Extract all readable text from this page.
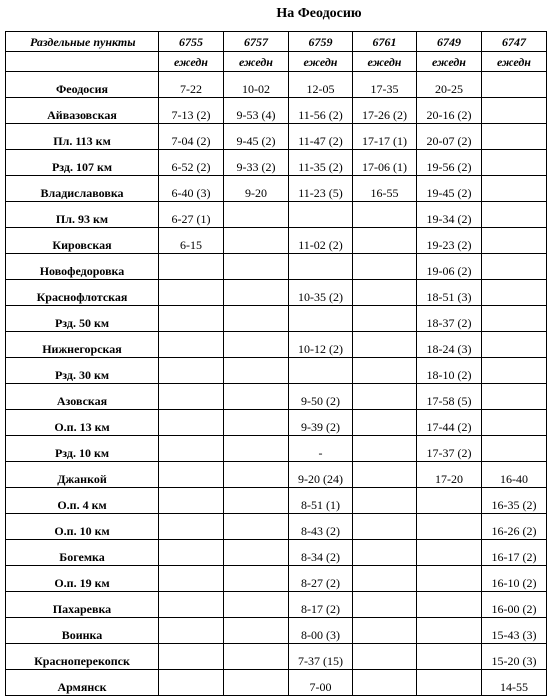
На Феодосию
Раздельные пункты	6755	6757	6759	6761	6749	6747
	ежедн	ежедн	ежедн	ежедн	ежедн	ежедн
Феодосия	7-22	10-02	12-05	17-35	20-25	
Айвазовская	7-13 (2)	9-53 (4)	11-56 (2)	17-26 (2)	20-16 (2)	
Пл. 113 км	7-04 (2)	9-45 (2)	11-47 (2)	17-17 (1)	20-07 (2)	
Рзд. 107 км	6-52 (2)	9-33 (2)	11-35 (2)	17-06 (1)	19-56 (2)	
Владиславовка	6-40 (3)	9-20	11-23 (5)	16-55	19-45 (2)	
Пл. 93 км	6-27 (1)				19-34 (2)	
Кировская	6-15		11-02 (2)		19-23 (2)	
Новофедоровка					19-06 (2)	
Краснофлотская			10-35 (2)		18-51 (3)	
Рзд. 50 км					18-37 (2)	
Нижнегорская			10-12 (2)		18-24 (3)	
Рзд. 30 км					18-10 (2)	
Азовская			9-50 (2)		17-58 (5)	
О.п. 13 км			9-39 (2)		17-44 (2)	
Рзд. 10 км			-		17-37 (2)	
Джанкой			9-20 (24)		17-20	16-40
О.п. 4 км			8-51 (1)			16-35 (2)
О.п. 10 км			8-43 (2)			16-26 (2)
Богемка			8-34 (2)			16-17 (2)
О.п. 19 км			8-27 (2)			16-10 (2)
Пахаревка			8-17 (2)			16-00 (2)
Воинка			8-00 (3)			15-43 (3)
Красноперекопск			7-37 (15)			15-20 (3)
Армянск			7-00			14-55
